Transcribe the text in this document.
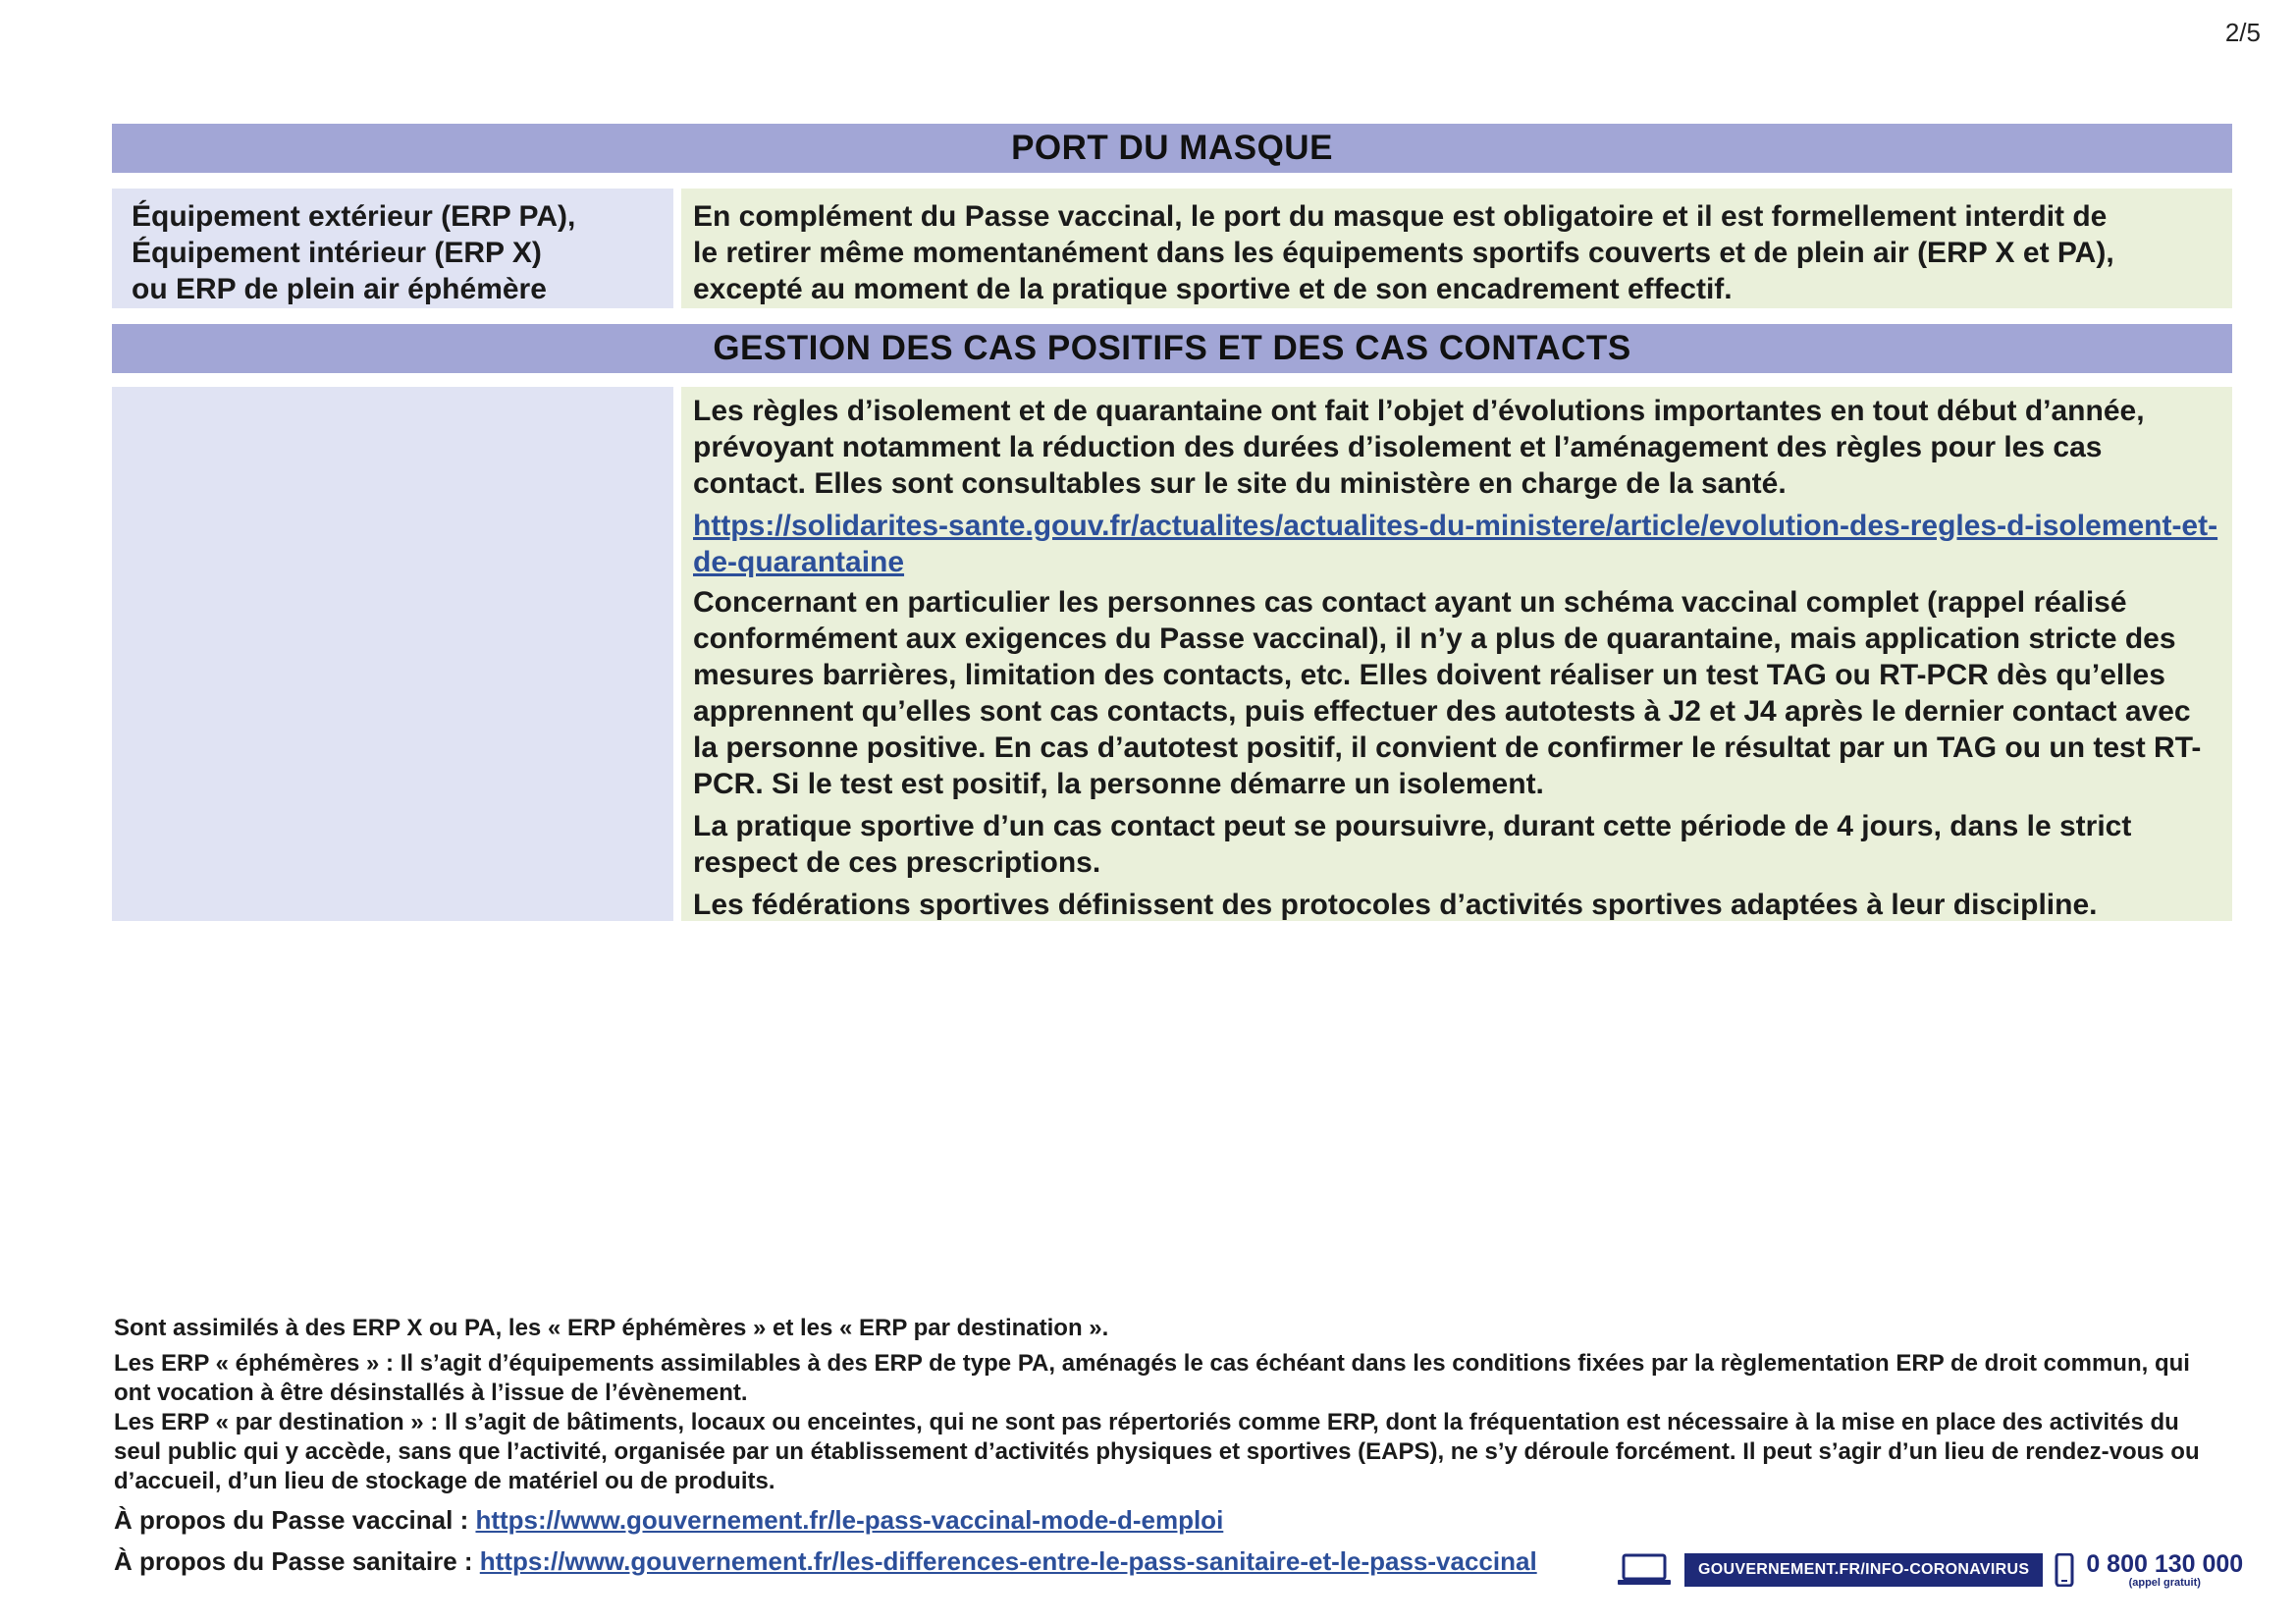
2/5
PORT DU MASQUE

Équipement extérieur (ERP PA),

Équipement intérieur (ERP X)

ou ERP de plein air éphémère

En complément du Passe vaccinal, le port du masque est obligatoire et il est formellement interdit de

le retirer même momentanément dans les équipements sportifs couverts et de plein air (ERP X et PA),

excepté au moment de la pratique sportive et de son encadrement effectif.

GESTION DES CAS POSITIFS ET DES CAS CONTACTS

Les règles d’isolement et de quarantaine ont fait l’objet d’évolutions importantes en tout début d’année, prévoyant notamment la réduction des durées d’isolement et l’aménagement des règles pour les cas contact. Elles sont consultables sur le site du ministère en charge de la santé.

https://solidarites-sante.gouv.fr/actualites/actualites-du-ministere/article/evolution-des-regles-d-isolement-et-de-quarantaine

Concernant en particulier les personnes cas contact ayant un schéma vaccinal complet (rappel réalisé conformément aux exigences du Passe vaccinal), il n’y a plus de quarantaine, mais application stricte des mesures barrières, limitation des contacts, etc. Elles doivent réaliser un test TAG ou RT-PCR dès qu’elles apprennent qu’elles sont cas contacts, puis effectuer des autotests à J2 et J4 après le dernier contact avec la personne positive. En cas d’autotest positif, il convient de confirmer le résultat par un TAG ou un test RT-PCR. Si le test est positif, la personne démarre un isolement.

La pratique sportive d’un cas contact peut se poursuivre, durant cette période de 4 jours, dans le strict respect de ces prescriptions.

Les fédérations sportives définissent des protocoles d’activités sportives adaptées à leur discipline.

Sont assimilés à des ERP X ou PA, les « ERP éphémères » et les « ERP par destination ».

Les ERP « éphémères » : Il s’agit d’équipements assimilables à des ERP de type PA, aménagés le cas échéant dans les conditions fixées par la règlementation ERP de droit commun, qui ont vocation à être désinstallés à l’issue de l’évènement.

Les ERP « par destination » : Il s’agit de bâtiments, locaux ou enceintes, qui ne sont pas répertoriés comme ERP, dont la fréquentation est nécessaire à la mise en place des activités du seul public qui y accède, sans que l’activité, organisée par un établissement d’activités physiques et sportives (EAPS), ne s’y déroule forcément. Il peut s’agir d’un lieu de rendez-vous ou d’accueil, d’un lieu de stockage de matériel ou de produits.

À propos du Passe vaccinal : https://www.gouvernement.fr/le-pass-vaccinal-mode-d-emploi

À propos du Passe sanitaire : https://www.gouvernement.fr/les-differences-entre-le-pass-sanitaire-et-le-pass-vaccinal	GOUVERNEMENT.FR/INFO-CORONAVIRUS	0 800 130 000
(appel gratuit)
